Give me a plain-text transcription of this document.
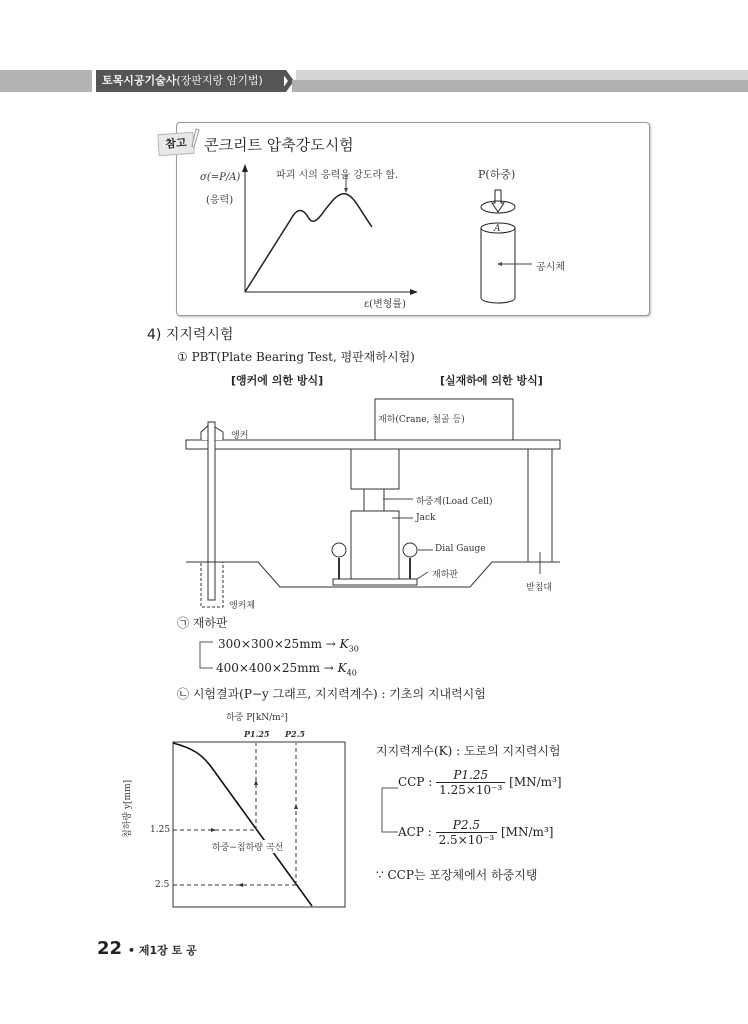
토목시공기술사(장판지랑 암기법)
참고	콘크리트 압축강도시험
σ(=P/A)
(응력)
파괴 시의 응력을 강도라 함.
ε(변형률)
P(하중)
A
공시체
4) 지지력시험
① PBT(Plate Bearing Test, 평판재하시험)
[앵커에 의한 방식]	[실재하에 의한 방식]
재하(Crane, 철골 등)
앵커
하중계(Load Cell)
Jack
Dial Gauge
재하판
받침대
앵커체
㉠ 재하판
$300\times 300\times 25mm \to K_{30}$
$400\times 400\times 25mm \to K_{40}$
㉡ 시험결과(P−y 그래프, 지지력계수) : 기초의 지내력시험
하중 P[kN/m²]
P1.25 P2.5
침하량 y[mm] 1.25
2.5
하중−침하량 곡선
지지력계수(K) : 도로의 지지력시험
CCP : $\frac{P1.25}{\text{1.25×10⁻³}} [MN/m^3]$
ACP : $\frac{P2.5}{\text{2.5×10⁻³}} [MN/m^3]$
∵ CCP는 포장체에서 하중지탱
22 • 제1장 토 공
